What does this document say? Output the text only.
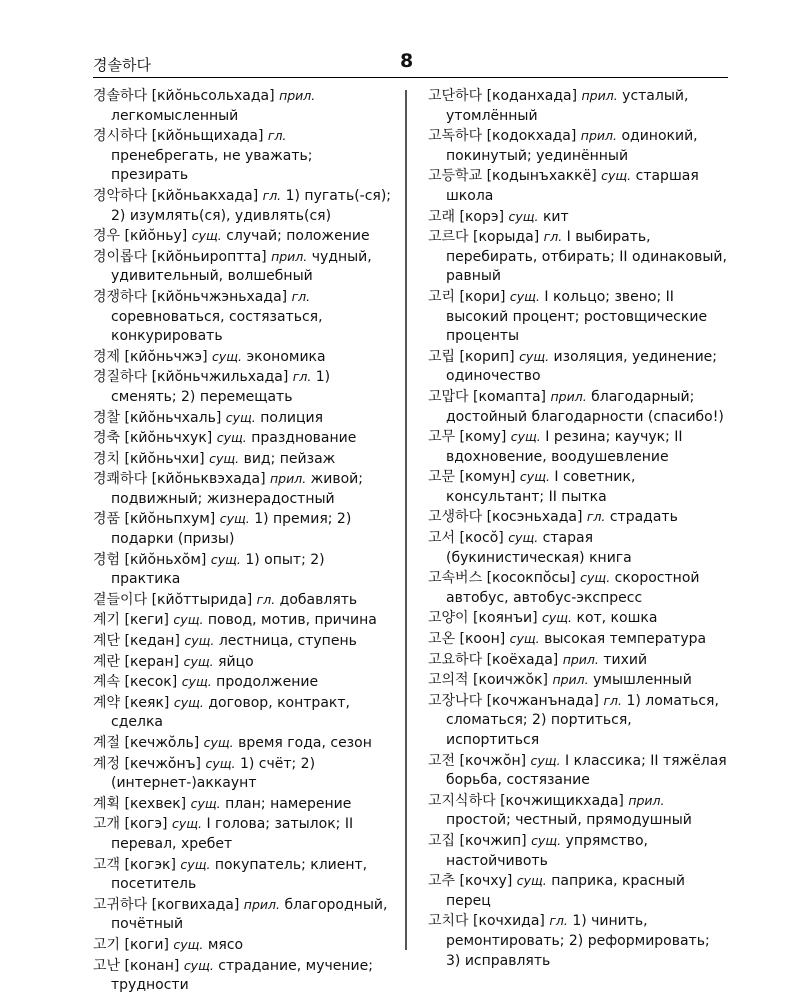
경솔하다	8

경솔하다 [кйŏньсольхада] прил. легкомысленный

경시하다 [кйŏньщихада] гл. пренебрегать, не уважать; презирать

경악하다 [кйŏньакхада] гл. 1) пугать(-ся); 2) изумлять(ся), удивлять(ся)

경우 [кйŏньу] сущ. случай; положение

경이롭다 [кйŏньироптта] прил. чудный, удивительный, волшебный

경쟁하다 [кйŏньчжэньхада] гл. соревноваться, состязаться, конкурировать

경제 [кйŏньчжэ] сущ. экономика

경질하다 [кйŏньчжильхада] гл. 1) сменять; 2) перемещать

경찰 [кйŏньчхаль] сущ. полиция

경축 [кйŏньчхук] сущ. празднование

경치 [кйŏньчхи] сущ. вид; пейзаж

경쾌하다 [кйŏньквэхада] прил. живой; подвижный; жизнерадостный

경품 [кйŏньпхум] сущ. 1) премия; 2) подарки (призы)

경험 [кйŏньхŏм] сущ. 1) опыт; 2) практика

곁들이다 [кйŏттырида] гл. добавлять

계기 [кеги] сущ. повод, мотив, причина

계단 [кедан] сущ. лестница, ступень

계란 [керан] сущ. яйцо

계속 [кесок] сущ. продолжение

계약 [кеяк] сущ. договор, контракт, сделка

계절 [кечжŏль] сущ. время года, сезон

계정 [кечжŏнъ] сущ. 1) счёт; 2) (интернет-)аккаунт

계획 [кехвек] сущ. план; намерение

고개 [когэ] сущ. I голова; затылок; II перевал, хребет

고객 [когэк] сущ. покупатель; клиент, посетитель

고귀하다 [когвихада] прил. благородный, почётный

고기 [коги] сущ. мясо

고난 [конан] сущ. страдание, мучение; трудности

고단하다 [коданхада] прил. усталый, утомлённый

고독하다 [кодокхада] прил. одинокий, покинутый; уединённый

고등학교 [кодынъхаккё] сущ. старшая школа

고래 [корэ] сущ. кит

고르다 [корыда] гл. I выбирать, перебирать, отбирать; II одинаковый, равный

고리 [кори] сущ. I кольцо; звено; II высокий процент; ростовщические проценты

고립 [корип] сущ. изоляция, уединение; одиночество

고맙다 [комапта] прил. благодарный; достойный благодарности (спасибо!)

고무 [кому] сущ. I резина; каучук; II вдохновение, воодушевление

고문 [комун] сущ. I советник, консультант; II пытка

고생하다 [косэньхада] гл. страдать

고서 [косŏ] сущ. старая (букинистическая) книга

고속버스 [косокпŏсы] сущ. скоростной автобус, автобус-экспресс

고양이 [коянъи] сущ. кот, кошка

고온 [коон] сущ. высокая температура

고요하다 [коёхада] прил. тихий

고의적 [коичжŏк] прил. умышленный

고장나다 [кочжанънада] гл. 1) ломаться, сломаться; 2) портиться, испортиться

고전 [кочжŏн] сущ. I классика; II тяжёлая борьба, состязание

고지식하다 [кочжищикхада] прил. простой; честный, прямодушный

고집 [кочжип] сущ. упрямство, настойчивоть

고추 [кочху] сущ. паприка, красный перец

고치다 [кочхида] гл. 1) чинить, ремонтировать; 2) реформировать; 3) исправлять
